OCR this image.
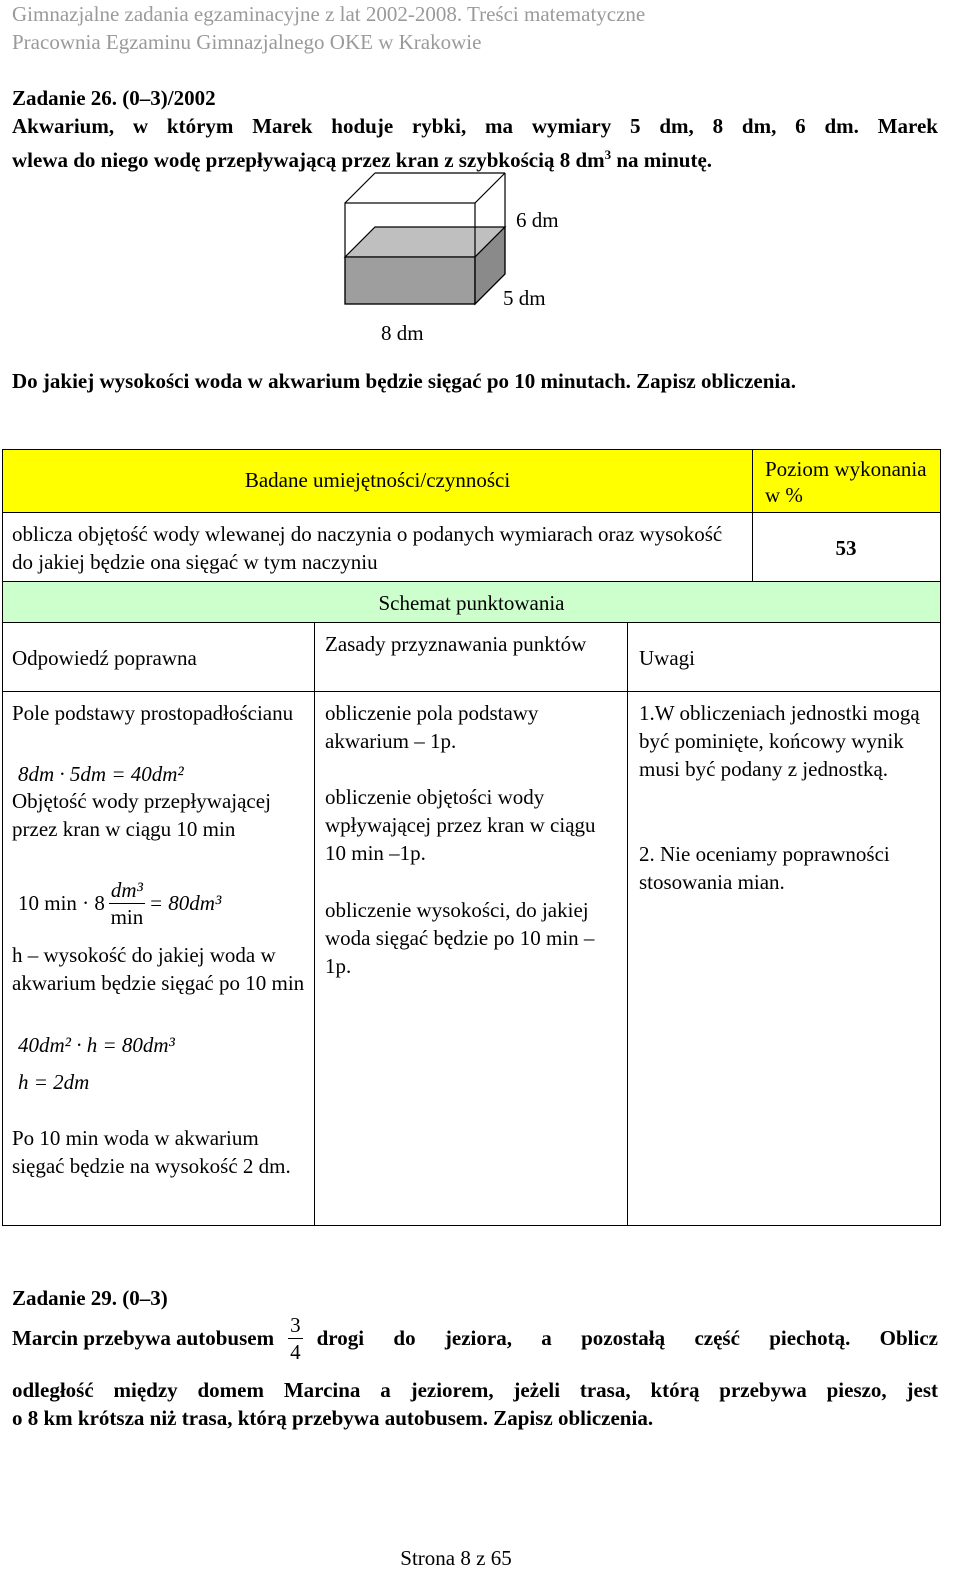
Gimnazjalne zadania egzaminacyjne z lat 2002-2008. Treści matematyczne
Pracownia Egzaminu Gimnazjalnego OKE w Krakowie
Zadanie 26. (0–3)/2002
Akwarium, w którym Marek hoduje rybki, ma wymiary 5 dm, 8 dm, 6 dm. Marek
wlewa do niego wodę przepływającą przez kran z szybkością 8 $dm^3$ na minutę.
6 dm
5 dm
8 dm
Do jakiej wysokości woda w akwarium będzie sięgać po 10 minutach. Zapisz obliczenia.
Badane umiejętności/czynności	Poziom wykonania w %
oblicza objętość wody wlewanej do naczynia o podanych wymiarach oraz wysokość do jakiej będzie ona sięgać w tym naczyniu
53
Schemat punktowania
Odpowiedź poprawna
Zasady przyznawania punktów
Uwagi
Pole podstawy prostopadłościanu
8dm · 5dm = 40dm²
Objętość wody przepływającej przez kran w ciągu 10 min
10 $\min \cdot 8 \frac{\text{dm³}}{\min} = 80dm^3$
h – wysokość do jakiej woda w akwarium będzie sięgać po 10 min
40dm² · h = 80dm³
h = 2dm
Po 10 min woda w akwarium sięgać będzie na wysokość 2 dm.
obliczenie pola podstawy akwarium – 1p.
obliczenie objętości wody wpływającej przez kran w ciągu 10 min –1p.
obliczenie wysokości, do jakiej woda sięgać będzie po 10 min – 1p.
1.W obliczeniach jednostki mogą być pominięte, końcowy wynik musi być podany z jednostką.
2. Nie oceniamy poprawności stosowania mian.
Zadanie 29. (0–3)
Marcin przebywa autobusem $\frac{3}{4}$ drogi do jeziora, a pozostałą część piechotą. Oblicz
odległość między domem Marcina a jeziorem, jeżeli trasa, którą przebywa pieszo, jest
o 8 km krótsza niż trasa, którą przebywa autobusem. Zapisz obliczenia.
Strona 8 z 65
